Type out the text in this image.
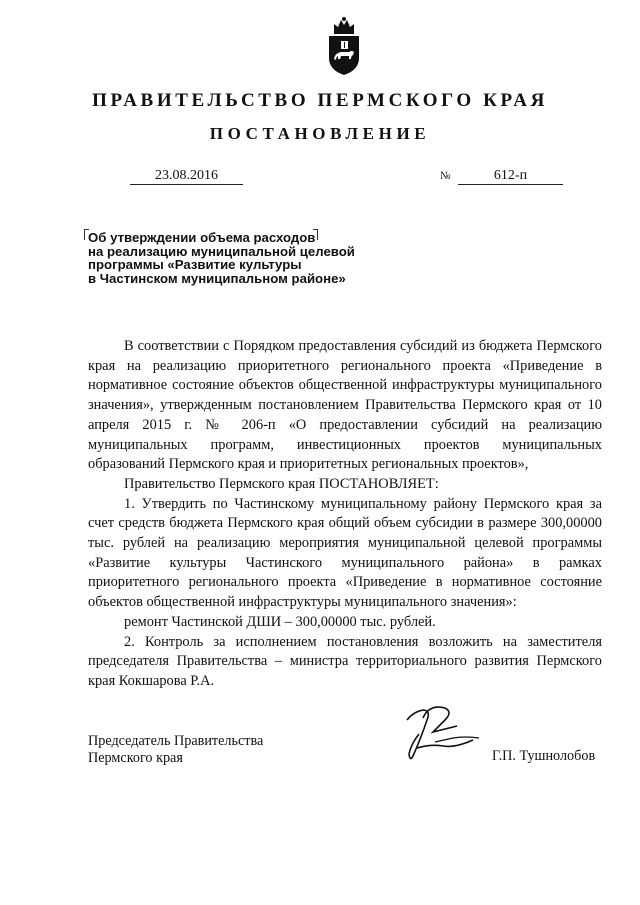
ПРАВИТЕЛЬСТВО ПЕРМСКОГО КРАЯ
ПОСТАНОВЛЕНИЕ
23.08.2016	№	612-п
Об утверждении объема расходов
на реализацию муниципальной целевой
программы «Развитие культуры
в Частинском муниципальном районе»

В соответствии с Порядком предоставления субсидий из бюджета Пермского края на реализацию приоритетного регионального проекта «Приведение в нормативное состояние объектов общественной инфраструктуры муниципального значения», утвержденным постановлением Правительства Пермского края от 10 апреля 2015 г. № 206-п «О предоставлении субсидий на реализацию муниципальных программ, инвестиционных проектов муниципальных образований Пермского края и приоритетных региональных проектов»,

Правительство Пермского края ПОСТАНОВЛЯЕТ:

1. Утвердить по Частинскому муниципальному району Пермского края за счет средств бюджета Пермского края общий объем субсидии в размере 300,00000 тыс. рублей на реализацию мероприятия муниципальной целевой программы «Развитие культуры Частинского муниципального района» в рамках приоритетного регионального проекта «Приведение в нормативное состояние объектов общественной инфраструктуры муниципального значения»:

ремонт Частинской ДШИ – 300,00000 тыс. рублей.

2. Контроль за исполнением постановления возложить на заместителя председателя Правительства – министра территориального развития Пермского края Кокшарова Р.А.

Председатель Правительства
Пермского края	Г.П. Тушнолобов
